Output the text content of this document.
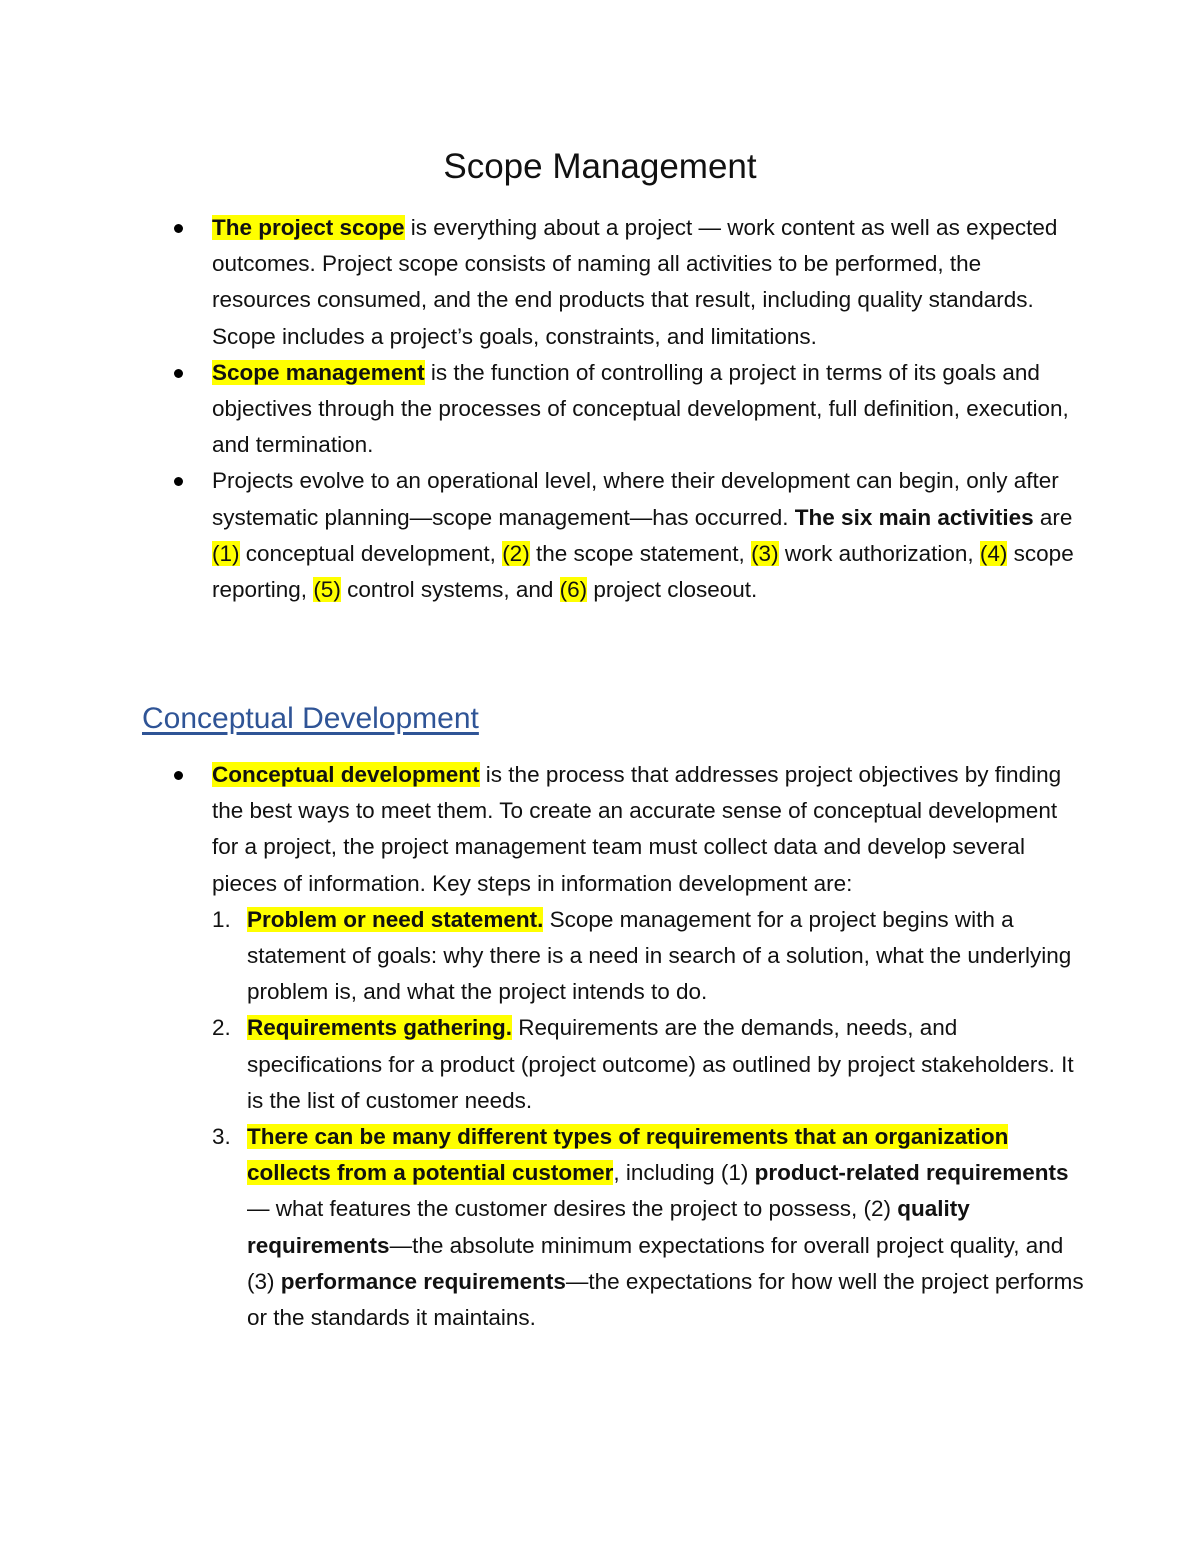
Scope Management
The project scope is everything about a project — work content as well as expected outcomes. Project scope consists of naming all activities to be performed, the resources consumed, and the end products that result, including quality standards. Scope includes a project’s goals, constraints, and limitations.
Scope management is the function of controlling a project in terms of its goals and objectives through the processes of conceptual development, full definition, execution, and termination.
Projects evolve to an operational level, where their development can begin, only after systematic planning—scope management—has occurred. The six main activities are (1) conceptual development, (2) the scope statement, (3) work authorization, (4) scope reporting, (5) control systems, and (6) project closeout.
Conceptual Development
Conceptual development is the process that addresses project objectives by finding the best ways to meet them. To create an accurate sense of conceptual development for a project, the project management team must collect data and develop several pieces of information. Key steps in information development are:
1. Problem or need statement. Scope management for a project begins with a statement of goals: why there is a need in search of a solution, what the underlying problem is, and what the project intends to do.
2. Requirements gathering. Requirements are the demands, needs, and specifications for a product (project outcome) as outlined by project stakeholders. It is the list of customer needs.
3. There can be many different types of requirements that an organization collects from a potential customer, including (1) product-related requirements— what features the customer desires the project to possess, (2) quality requirements—the absolute minimum expectations for overall project quality, and (3) performance requirements—the expectations for how well the project performs or the standards it maintains.
